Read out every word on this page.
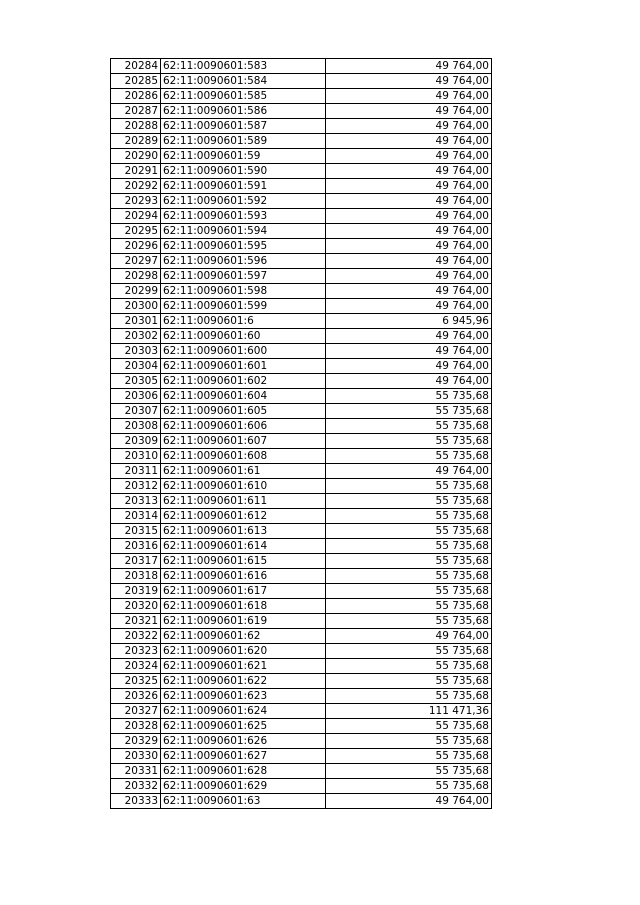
20284	62:11:0090601:583	49 764,00
20285	62:11:0090601:584	49 764,00
20286	62:11:0090601:585	49 764,00
20287	62:11:0090601:586	49 764,00
20288	62:11:0090601:587	49 764,00
20289	62:11:0090601:589	49 764,00
20290	62:11:0090601:59	49 764,00
20291	62:11:0090601:590	49 764,00
20292	62:11:0090601:591	49 764,00
20293	62:11:0090601:592	49 764,00
20294	62:11:0090601:593	49 764,00
20295	62:11:0090601:594	49 764,00
20296	62:11:0090601:595	49 764,00
20297	62:11:0090601:596	49 764,00
20298	62:11:0090601:597	49 764,00
20299	62:11:0090601:598	49 764,00
20300	62:11:0090601:599	49 764,00
20301	62:11:0090601:6	6 945,96
20302	62:11:0090601:60	49 764,00
20303	62:11:0090601:600	49 764,00
20304	62:11:0090601:601	49 764,00
20305	62:11:0090601:602	49 764,00
20306	62:11:0090601:604	55 735,68
20307	62:11:0090601:605	55 735,68
20308	62:11:0090601:606	55 735,68
20309	62:11:0090601:607	55 735,68
20310	62:11:0090601:608	55 735,68
20311	62:11:0090601:61	49 764,00
20312	62:11:0090601:610	55 735,68
20313	62:11:0090601:611	55 735,68
20314	62:11:0090601:612	55 735,68
20315	62:11:0090601:613	55 735,68
20316	62:11:0090601:614	55 735,68
20317	62:11:0090601:615	55 735,68
20318	62:11:0090601:616	55 735,68
20319	62:11:0090601:617	55 735,68
20320	62:11:0090601:618	55 735,68
20321	62:11:0090601:619	55 735,68
20322	62:11:0090601:62	49 764,00
20323	62:11:0090601:620	55 735,68
20324	62:11:0090601:621	55 735,68
20325	62:11:0090601:622	55 735,68
20326	62:11:0090601:623	55 735,68
20327	62:11:0090601:624	111 471,36
20328	62:11:0090601:625	55 735,68
20329	62:11:0090601:626	55 735,68
20330	62:11:0090601:627	55 735,68
20331	62:11:0090601:628	55 735,68
20332	62:11:0090601:629	55 735,68
20333	62:11:0090601:63	49 764,00
